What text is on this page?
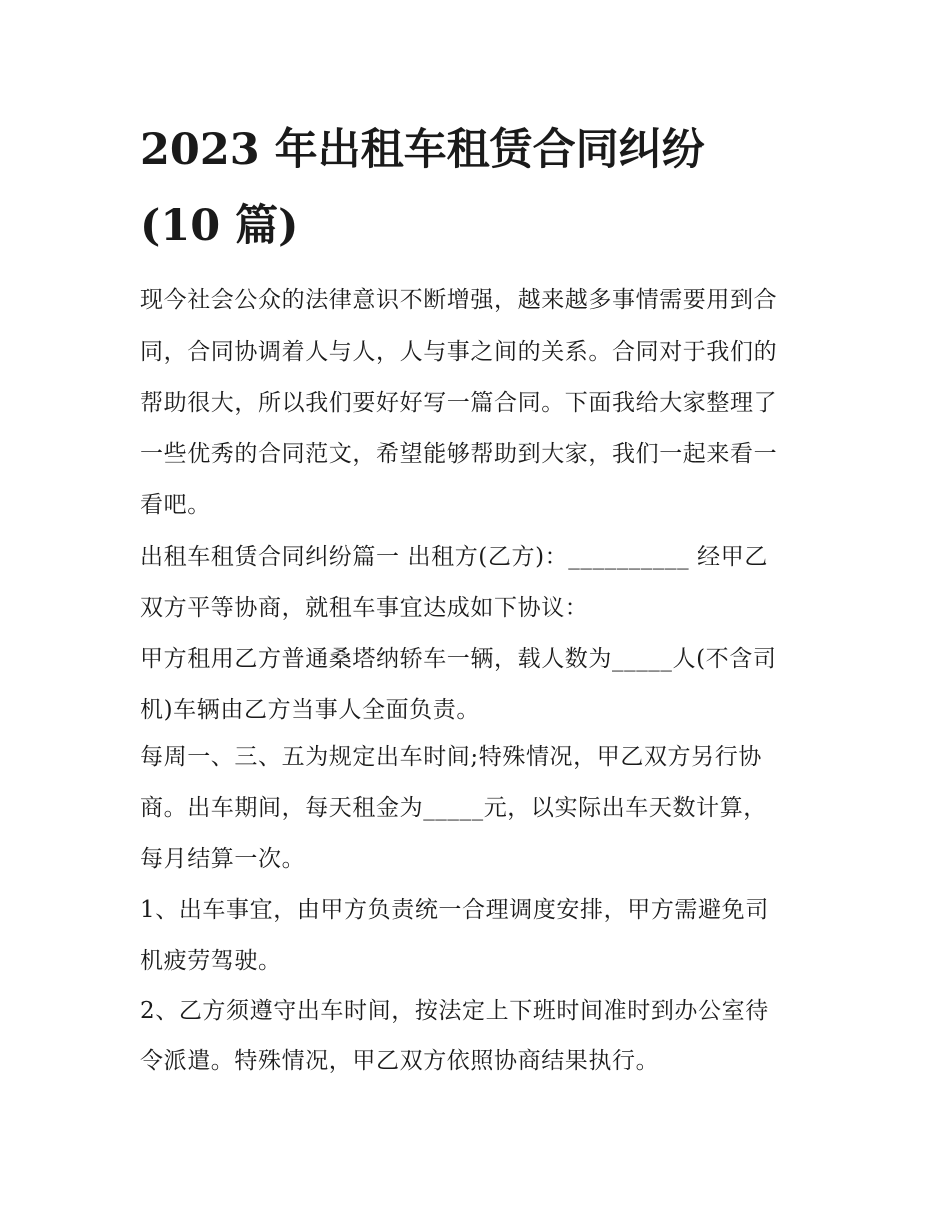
2023 年出租车租赁合同纠纷
(10 篇)

现今社会公众的法律意识不断增强，越来越多事情需要用到合

同，合同协调着人与人，人与事之间的关系。合同对于我们的

帮助很大，所以我们要好好写一篇合同。下面我给大家整理了

一些优秀的合同范文，希望能够帮助到大家，我们一起来看一

看吧。

出租车租赁合同纠纷篇一 出租方(乙方)：__________ 经甲乙

双方平等协商，就租车事宜达成如下协议：

甲方租用乙方普通桑塔纳轿车一辆，载人数为_____人(不含司

机)车辆由乙方当事人全面负责。

每周一、三、五为规定出车时间;特殊情况，甲乙双方另行协

商。出车期间，每天租金为_____元，以实际出车天数计算，

每月结算一次。

1、出车事宜，由甲方负责统一合理调度安排，甲方需避免司

机疲劳驾驶。

2、乙方须遵守出车时间，按法定上下班时间准时到办公室待

令派遣。特殊情况，甲乙双方依照协商结果执行。
